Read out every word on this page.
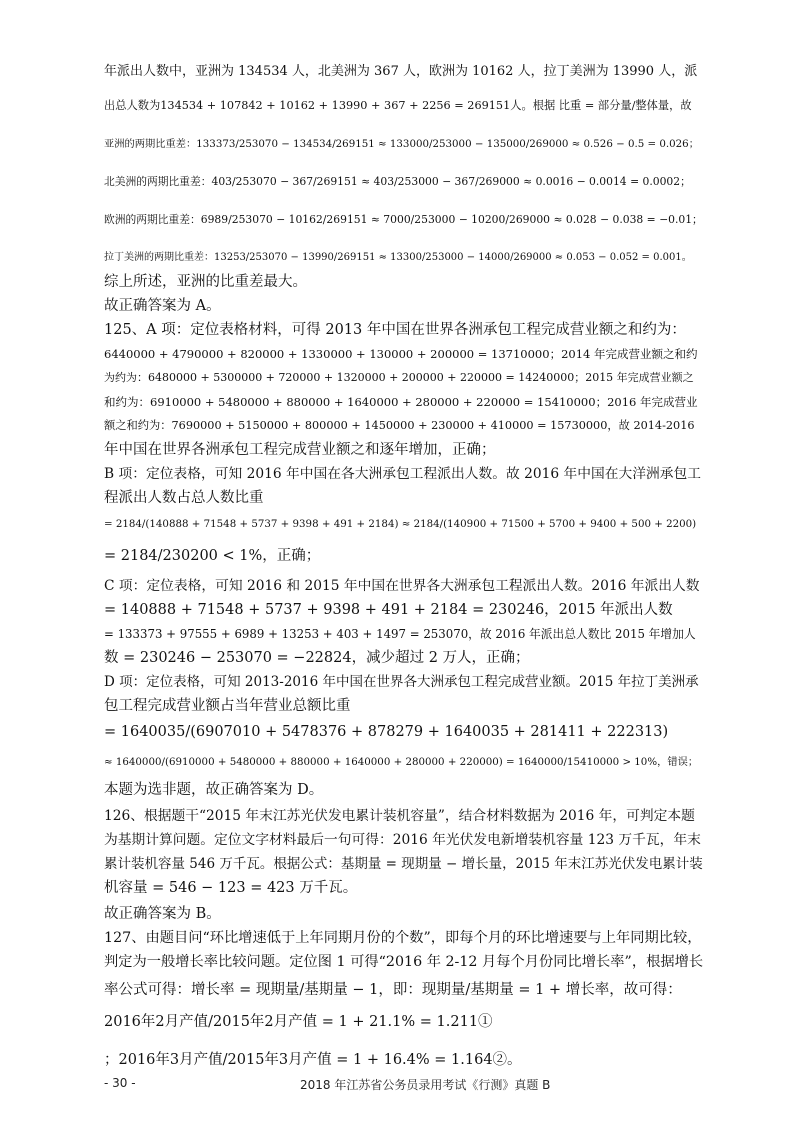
年派出人数中，亚洲为 134534 人，北美洲为 367 人，欧洲为 10162 人，拉丁美洲为 13990 人，派
出总人数为134534 + 107842 + 10162 + 13990 + 367 + 2256 = 269151人。根据 比重 = 部分量/整体量，故
亚洲的两期比重差：133373/253070 − 134534/269151 ≈ 133000/253000 − 135000/269000 ≈ 0.526 − 0.5 = 0.026；
北美洲的两期比重差：403/253070 − 367/269151 ≈ 403/253000 − 367/269000 ≈ 0.0016 − 0.0014 = 0.0002；
欧洲的两期比重差：6989/253070 − 10162/269151 ≈ 7000/253000 − 10200/269000 ≈ 0.028 − 0.038 = −0.01；
拉丁美洲的两期比重差：13253/253070 − 13990/269151 ≈ 13300/253000 − 14000/269000 ≈ 0.053 − 0.052 = 0.001。
综上所述，亚洲的比重差最大。
故正确答案为 A。
125、A 项：定位表格材料，可得 2013 年中国在世界各洲承包工程完成营业额之和约为：
6440000 + 4790000 + 820000 + 1330000 + 130000 + 200000 = 13710000；2014 年完成营业额之和约
为约为：6480000 + 5300000 + 720000 + 1320000 + 200000 + 220000 = 14240000；2015 年完成营业额之
和约为：6910000 + 5480000 + 880000 + 1640000 + 280000 + 220000 = 15410000；2016 年完成营业
额之和约为：7690000 + 5150000 + 800000 + 1450000 + 230000 + 410000 = 15730000，故 2014-2016
年中国在世界各洲承包工程完成营业额之和逐年增加，正确；
B 项：定位表格，可知 2016 年中国在各大洲承包工程派出人数。故 2016 年中国在大洋洲承包工
程派出人数占总人数比重
= 2184/(140888 + 71548 + 5737 + 9398 + 491 + 2184) ≈ 2184/(140900 + 71500 + 5700 + 9400 + 500 + 2200)
= 2184/230200 < 1%，正确；
C 项：定位表格，可知 2016 和 2015 年中国在世界各大洲承包工程派出人数。2016 年派出人数
= 140888 + 71548 + 5737 + 9398 + 491 + 2184 = 230246，2015 年派出人数
= 133373 + 97555 + 6989 + 13253 + 403 + 1497 = 253070，故 2016 年派出总人数比 2015 年增加人
数 = 230246 − 253070 = −22824，减少超过 2 万人，正确；
D 项：定位表格，可知 2013-2016 年中国在世界各大洲承包工程完成营业额。2015 年拉丁美洲承
包工程完成营业额占当年营业总额比重
= 1640035/(6907010 + 5478376 + 878279 + 1640035 + 281411 + 222313)
≈ 1640000/(6910000 + 5480000 + 880000 + 1640000 + 280000 + 220000) = 1640000/15410000 > 10%，错误；
本题为选非题，故正确答案为 D。
126、根据题干“2015 年末江苏光伏发电累计装机容量”，结合材料数据为 2016 年，可判定本题
为基期计算问题。定位文字材料最后一句可得：2016 年光伏发电新增装机容量 123 万千瓦，年末
累计装机容量 546 万千瓦。根据公式：基期量 = 现期量 − 增长量，2015 年末江苏光伏发电累计装
机容量 = 546 − 123 = 423 万千瓦。
故正确答案为 B。
127、由题目问“环比增速低于上年同期月份的个数”，即每个月的环比增速要与上年同期比较，
判定为一般增长率比较问题。定位图 1 可得“2016 年 2-12 月每个月份同比增长率”，根据增长
率公式可得：增长率 = 现期量/基期量 − 1，即：现期量/基期量 = 1 + 增长率，故可得：
2016年2月产值/2015年2月产值 = 1 + 21.1% = 1.211①
；2016年3月产值/2015年3月产值 = 1 + 16.4% = 1.164②。
- 30 -	2018 年江苏省公务员录用考试《行测》真题 B
